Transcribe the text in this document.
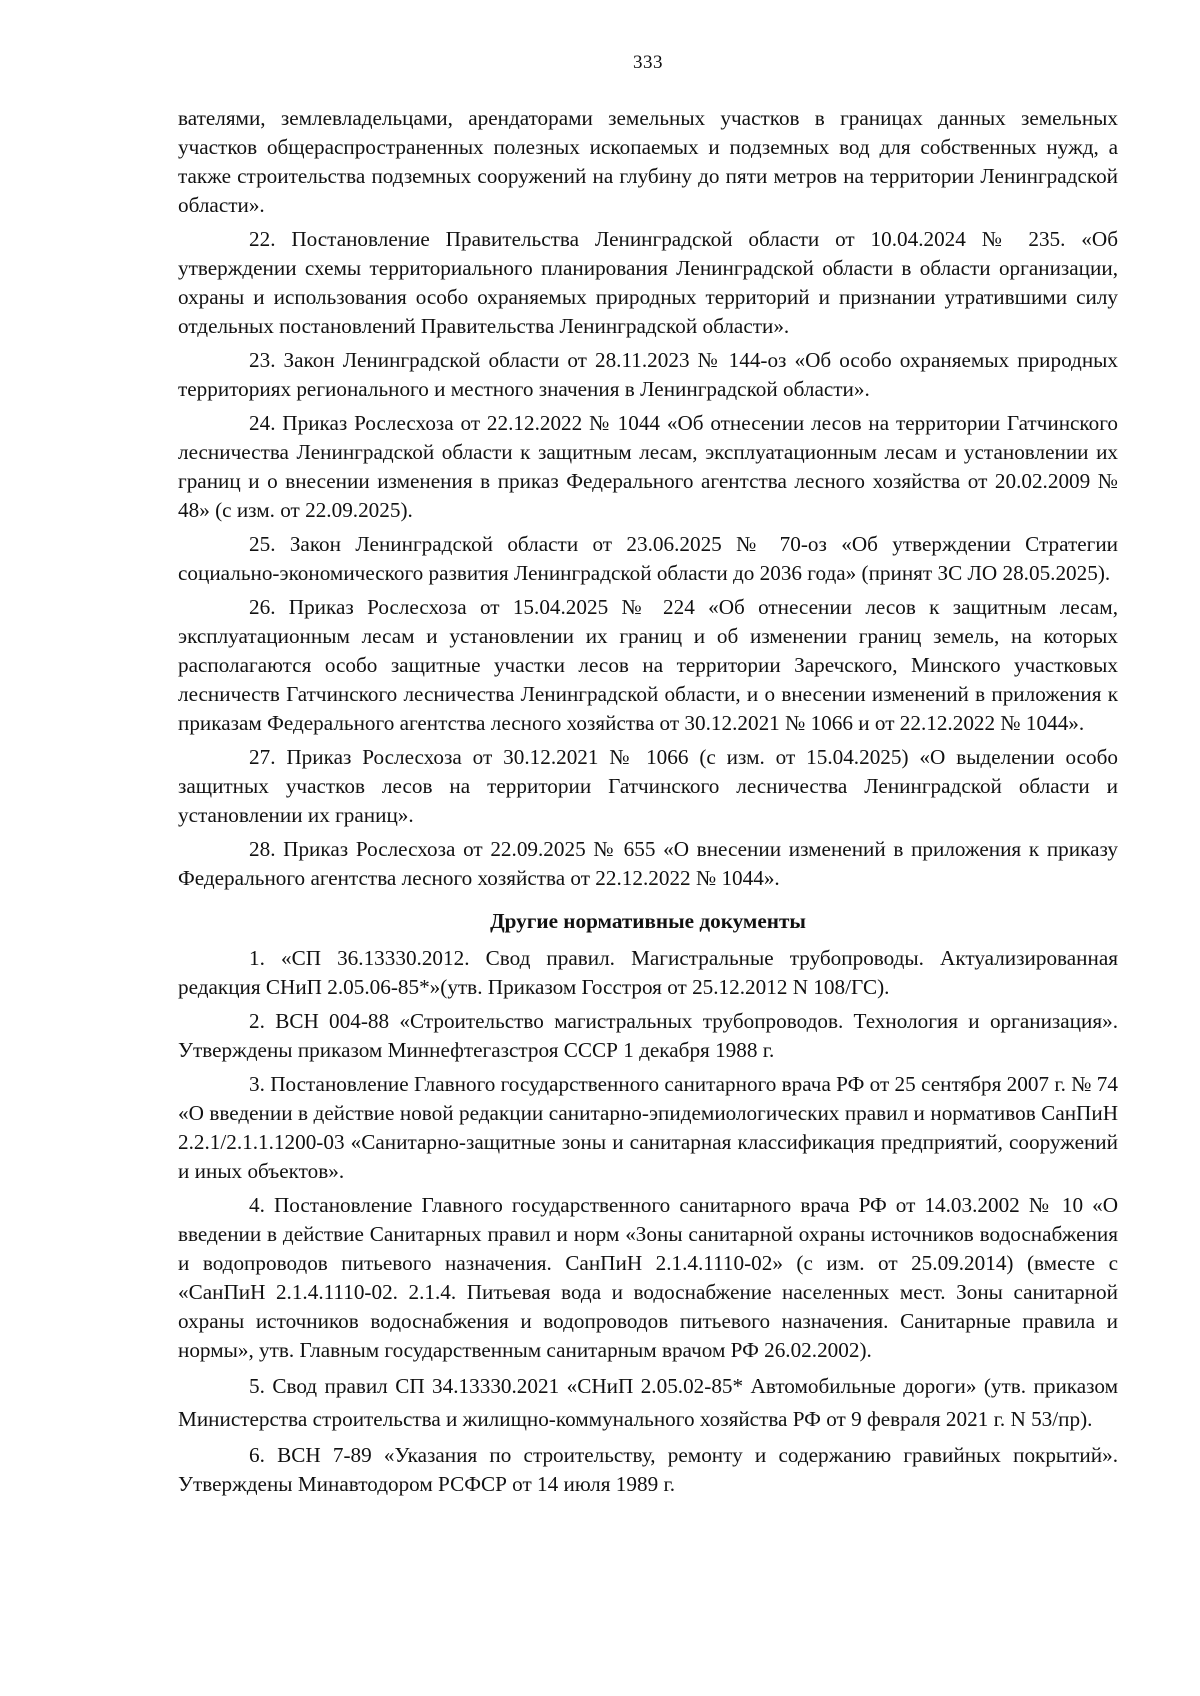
333

вателями, землевладельцами, арендаторами земельных участков в границах данных земельных участков общераспространенных полезных ископаемых и подземных вод для собственных нужд, а также строительства подземных сооружений на глубину до пяти метров на территории Ленинградской области».

22. Постановление Правительства Ленинградской области от 10.04.2024 № 235. «Об утверждении схемы территориального планирования Ленинградской области в области организации, охраны и использования особо охраняемых природных территорий и признании утратившими силу отдельных постановлений Правительства Ленинградской области».

23. Закон Ленинградской области от 28.11.2023 № 144-оз «Об особо охраняемых природных территориях регионального и местного значения в Ленинградской области».

24. Приказ Рослесхоза от 22.12.2022 № 1044 «Об отнесении лесов на территории Гатчинского лесничества Ленинградской области к защитным лесам, эксплуатационным лесам и установлении их границ и о внесении изменения в приказ Федерального агентства лесного хозяйства от 20.02.2009 № 48» (с изм. от 22.09.2025).

25. Закон Ленинградской области от 23.06.2025 № 70-оз «Об утверждении Стратегии социально-экономического развития Ленинградской области до 2036 года» (принят ЗС ЛО 28.05.2025).

26. Приказ Рослесхоза от 15.04.2025 № 224 «Об отнесении лесов к защитным лесам, эксплуатационным лесам и установлении их границ и об изменении границ земель, на которых располагаются особо защитные участки лесов на территории Заречского, Минского участковых лесничеств Гатчинского лесничества Ленинградской области, и о внесении изменений в приложения к приказам Федерального агентства лесного хозяйства от 30.12.2021 № 1066 и от 22.12.2022 № 1044».

27. Приказ Рослесхоза от 30.12.2021 № 1066 (с изм. от 15.04.2025) «О выделении особо защитных участков лесов на территории Гатчинского лесничества Ленинградской области и установлении их границ».

28. Приказ Рослесхоза от 22.09.2025 № 655 «О внесении изменений в приложения к приказу Федерального агентства лесного хозяйства от 22.12.2022 № 1044».

Другие нормативные документы

1. «СП 36.13330.2012. Свод правил. Магистральные трубопроводы. Актуализированная редакция СНиП 2.05.06-85*»(утв. Приказом Госстроя от 25.12.2012 N 108/ГС).

2. ВСН 004-88 «Строительство магистральных трубопроводов. Технология и организация». Утверждены приказом Миннефтегазстроя СССР 1 декабря 1988 г.

3. Постановление Главного государственного санитарного врача РФ от 25 сентября 2007 г. № 74 «О введении в действие новой редакции санитарно-эпидемиологических правил и нормативов СанПиН 2.2.1/2.1.1.1200-03 «Санитарно-защитные зоны и санитарная классификация предприятий, сооружений и иных объектов».

4. Постановление Главного государственного санитарного врача РФ от 14.03.2002 № 10 «О введении в действие Санитарных правил и норм «Зоны санитарной охраны источников водоснабжения и водопроводов питьевого назначения. СанПиН 2.1.4.1110-02» (с изм. от 25.09.2014) (вместе с «СанПиН 2.1.4.1110-02. 2.1.4. Питьевая вода и водоснабжение населенных мест. Зоны санитарной охраны источников водоснабжения и водопроводов питьевого назначения. Санитарные правила и нормы», утв. Главным государственным санитарным врачом РФ 26.02.2002).

5. Свод правил СП 34.13330.2021 «СНиП 2.05.02-85* Автомобильные дороги» (утв. приказом Министерства строительства и жилищно-коммунального хозяйства РФ от 9 февраля 2021 г. N 53/пр).

6. ВСН 7-89 «Указания по строительству, ремонту и содержанию гравийных покрытий». Утверждены Минавтодором РСФСР от 14 июля 1989 г.
